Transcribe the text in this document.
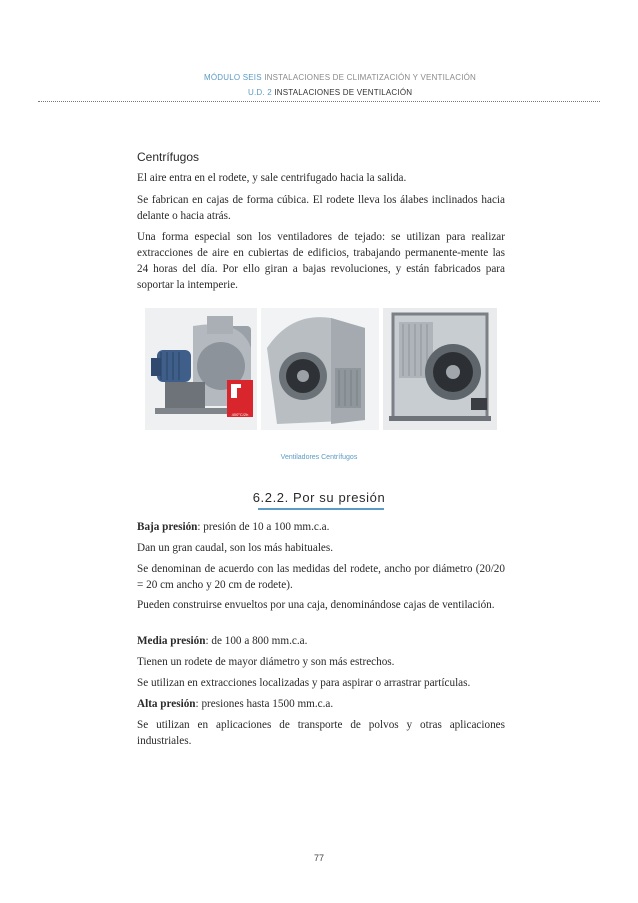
MÓDULO SEIS INSTALACIONES DE CLIMATIZACIÓN Y VENTILACIÓN
U.D. 2 INSTALACIONES DE VENTILACIÓN
Centrífugos

El aire entra en el rodete, y sale centrifugado hacia la salida.

Se fabrican en cajas de forma cúbica. El rodete lleva los álabes inclinados hacia delante o hacia atrás.

Una forma especial son los ventiladores de tejado: se utilizan para realizar extracciones de aire en cubiertas de edificios, trabajando permanente-mente las 24 horas del día. Por ello giran a bajas revoluciones, y están fabricados para soportar la intemperie.

400°C/2h
Ventiladores Centrífugos
6.2.2. Por su presión

Baja presión: presión de 10 a 100 mm.c.a.

Dan un gran caudal, son los más habituales.

Se denominan de acuerdo con las medidas del rodete, ancho por diámetro (20/20 = 20 cm ancho y 20 cm de rodete).

Pueden construirse envueltos por una caja, denominándose cajas de ventilación.

Media presión: de 100 a 800 mm.c.a.

Tienen un rodete de mayor diámetro y son más estrechos.

Se utilizan en extracciones localizadas y para aspirar o arrastrar partículas.

Alta presión: presiones hasta 1500 mm.c.a.

Se utilizan en aplicaciones de transporte de polvos y otras aplicaciones industriales.

77
